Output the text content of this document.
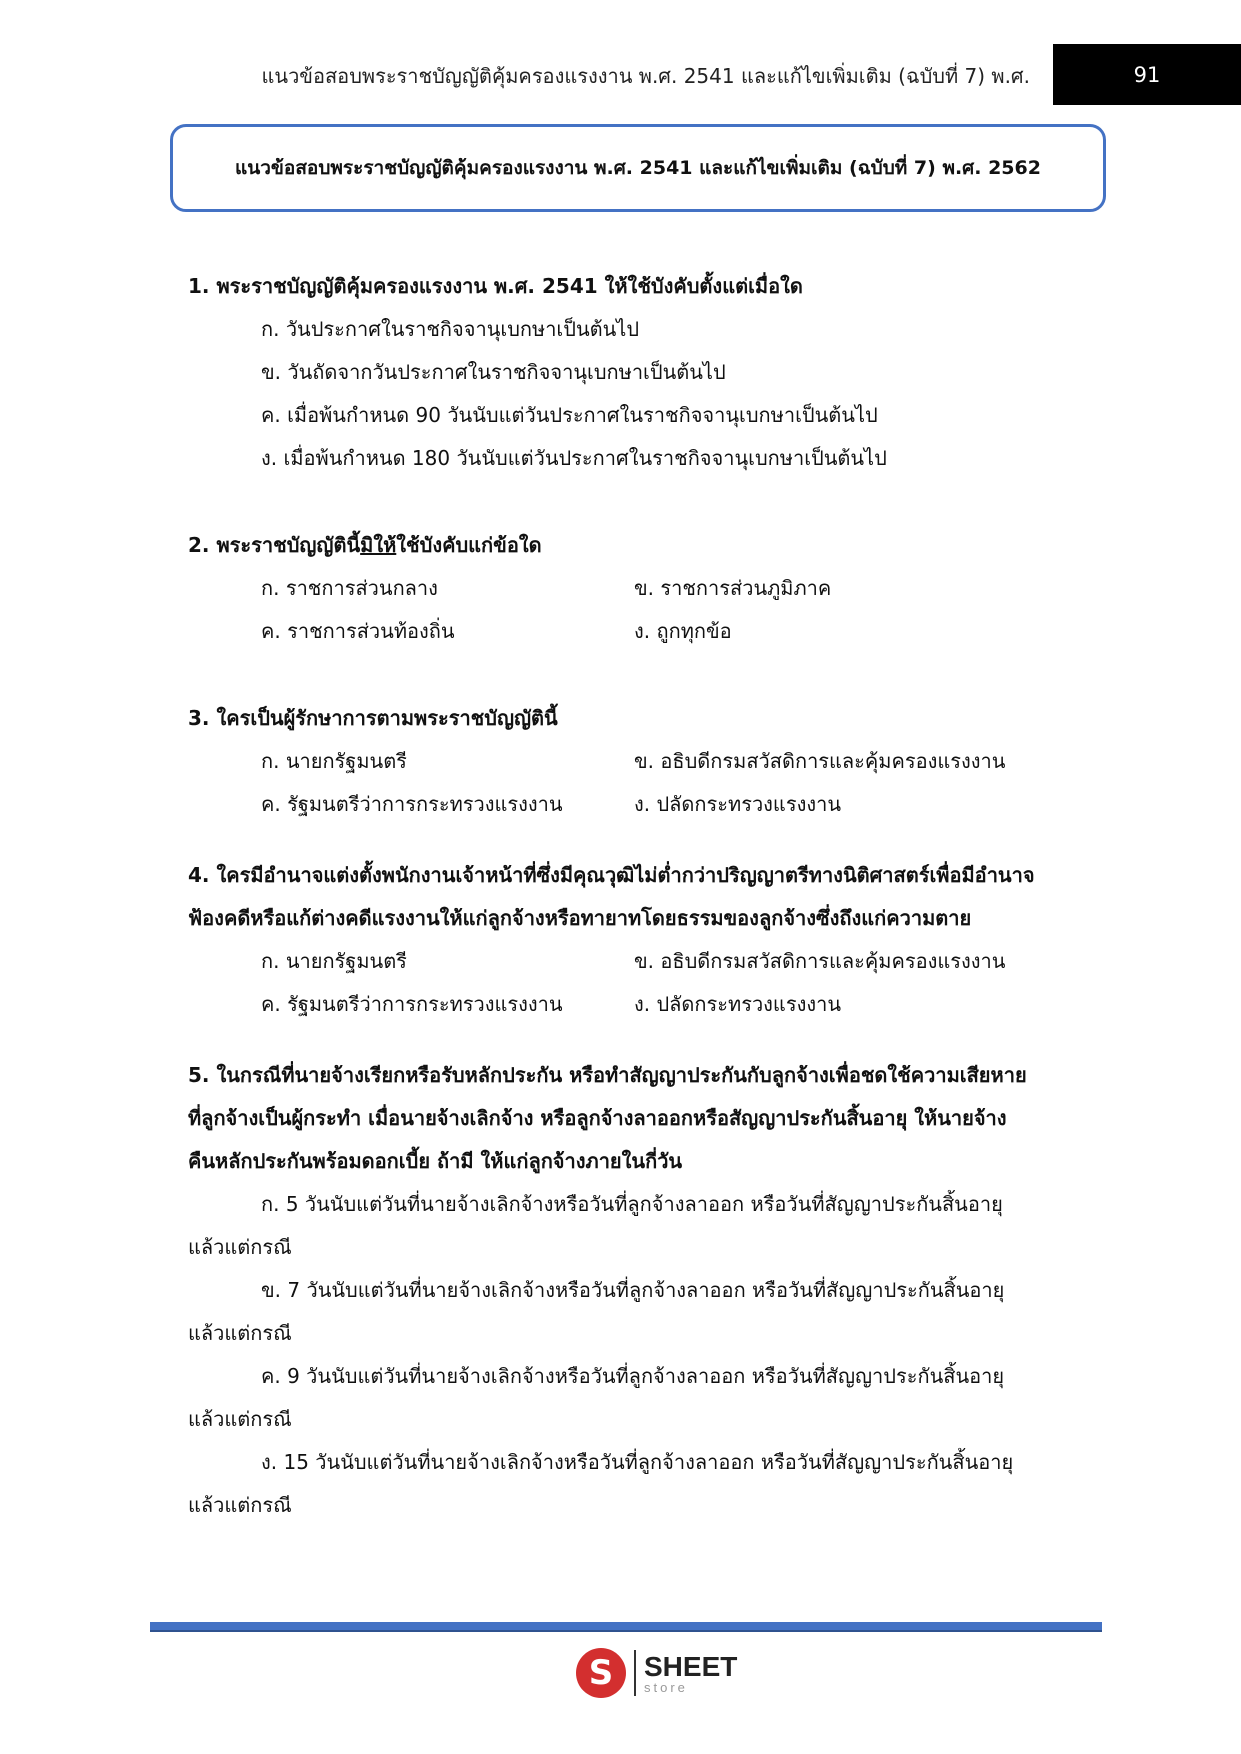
แนวข้อสอบพระราชบัญญัติคุ้มครองแรงงาน พ.ศ. 2541 และแก้ไขเพิ่มเติม (ฉบับที่ 7) พ.ศ.	91
แนวข้อสอบพระราชบัญญัติคุ้มครองแรงงาน พ.ศ. 2541 และแก้ไขเพิ่มเติม (ฉบับที่ 7) พ.ศ. 2562
1. พระราชบัญญัติคุ้มครองแรงงาน พ.ศ. 2541 ให้ใช้บังคับตั้งแต่เมื่อใด
ก. วันประกาศในราชกิจจานุเบกษาเป็นต้นไป
ข. วันถัดจากวันประกาศในราชกิจจานุเบกษาเป็นต้นไป
ค. เมื่อพ้นกำหนด 90 วันนับแต่วันประกาศในราชกิจจานุเบกษาเป็นต้นไป
ง. เมื่อพ้นกำหนด 180 วันนับแต่วันประกาศในราชกิจจานุเบกษาเป็นต้นไป
2. พระราชบัญญัตินี้มิให้ใช้บังคับแก่ข้อใด
ก. ราชการส่วนกลาง	ข. ราชการส่วนภูมิภาค
ค. ราชการส่วนท้องถิ่น	ง. ถูกทุกข้อ
3. ใครเป็นผู้รักษาการตามพระราชบัญญัตินี้
ก. นายกรัฐมนตรี	ข. อธิบดีกรมสวัสดิการและคุ้มครองแรงงาน
ค. รัฐมนตรีว่าการกระทรวงแรงงาน	ง. ปลัดกระทรวงแรงงาน
4. ใครมีอำนาจแต่งตั้งพนักงานเจ้าหน้าที่ซึ่งมีคุณวุฒิไม่ต่ำกว่าปริญญาตรีทางนิติศาสตร์เพื่อมีอำนาจ
ฟ้องคดีหรือแก้ต่างคดีแรงงานให้แก่ลูกจ้างหรือทายาทโดยธรรมของลูกจ้างซึ่งถึงแก่ความตาย
ก. นายกรัฐมนตรี	ข. อธิบดีกรมสวัสดิการและคุ้มครองแรงงาน
ค. รัฐมนตรีว่าการกระทรวงแรงงาน	ง. ปลัดกระทรวงแรงงาน
5. ในกรณีที่นายจ้างเรียกหรือรับหลักประกัน หรือทำสัญญาประกันกับลูกจ้างเพื่อชดใช้ความเสียหาย
ที่ลูกจ้างเป็นผู้กระทำ เมื่อนายจ้างเลิกจ้าง หรือลูกจ้างลาออกหรือสัญญาประกันสิ้นอายุ ให้นายจ้าง
คืนหลักประกันพร้อมดอกเบี้ย ถ้ามี ให้แก่ลูกจ้างภายในกี่วัน
ก. 5 วันนับแต่วันที่นายจ้างเลิกจ้างหรือวันที่ลูกจ้างลาออก หรือวันที่สัญญาประกันสิ้นอายุ
แล้วแต่กรณี
ข. 7 วันนับแต่วันที่นายจ้างเลิกจ้างหรือวันที่ลูกจ้างลาออก หรือวันที่สัญญาประกันสิ้นอายุ
แล้วแต่กรณี
ค. 9 วันนับแต่วันที่นายจ้างเลิกจ้างหรือวันที่ลูกจ้างลาออก หรือวันที่สัญญาประกันสิ้นอายุ
แล้วแต่กรณี
ง. 15 วันนับแต่วันที่นายจ้างเลิกจ้างหรือวันที่ลูกจ้างลาออก หรือวันที่สัญญาประกันสิ้นอายุ
แล้วแต่กรณี
S	SHEET
store
